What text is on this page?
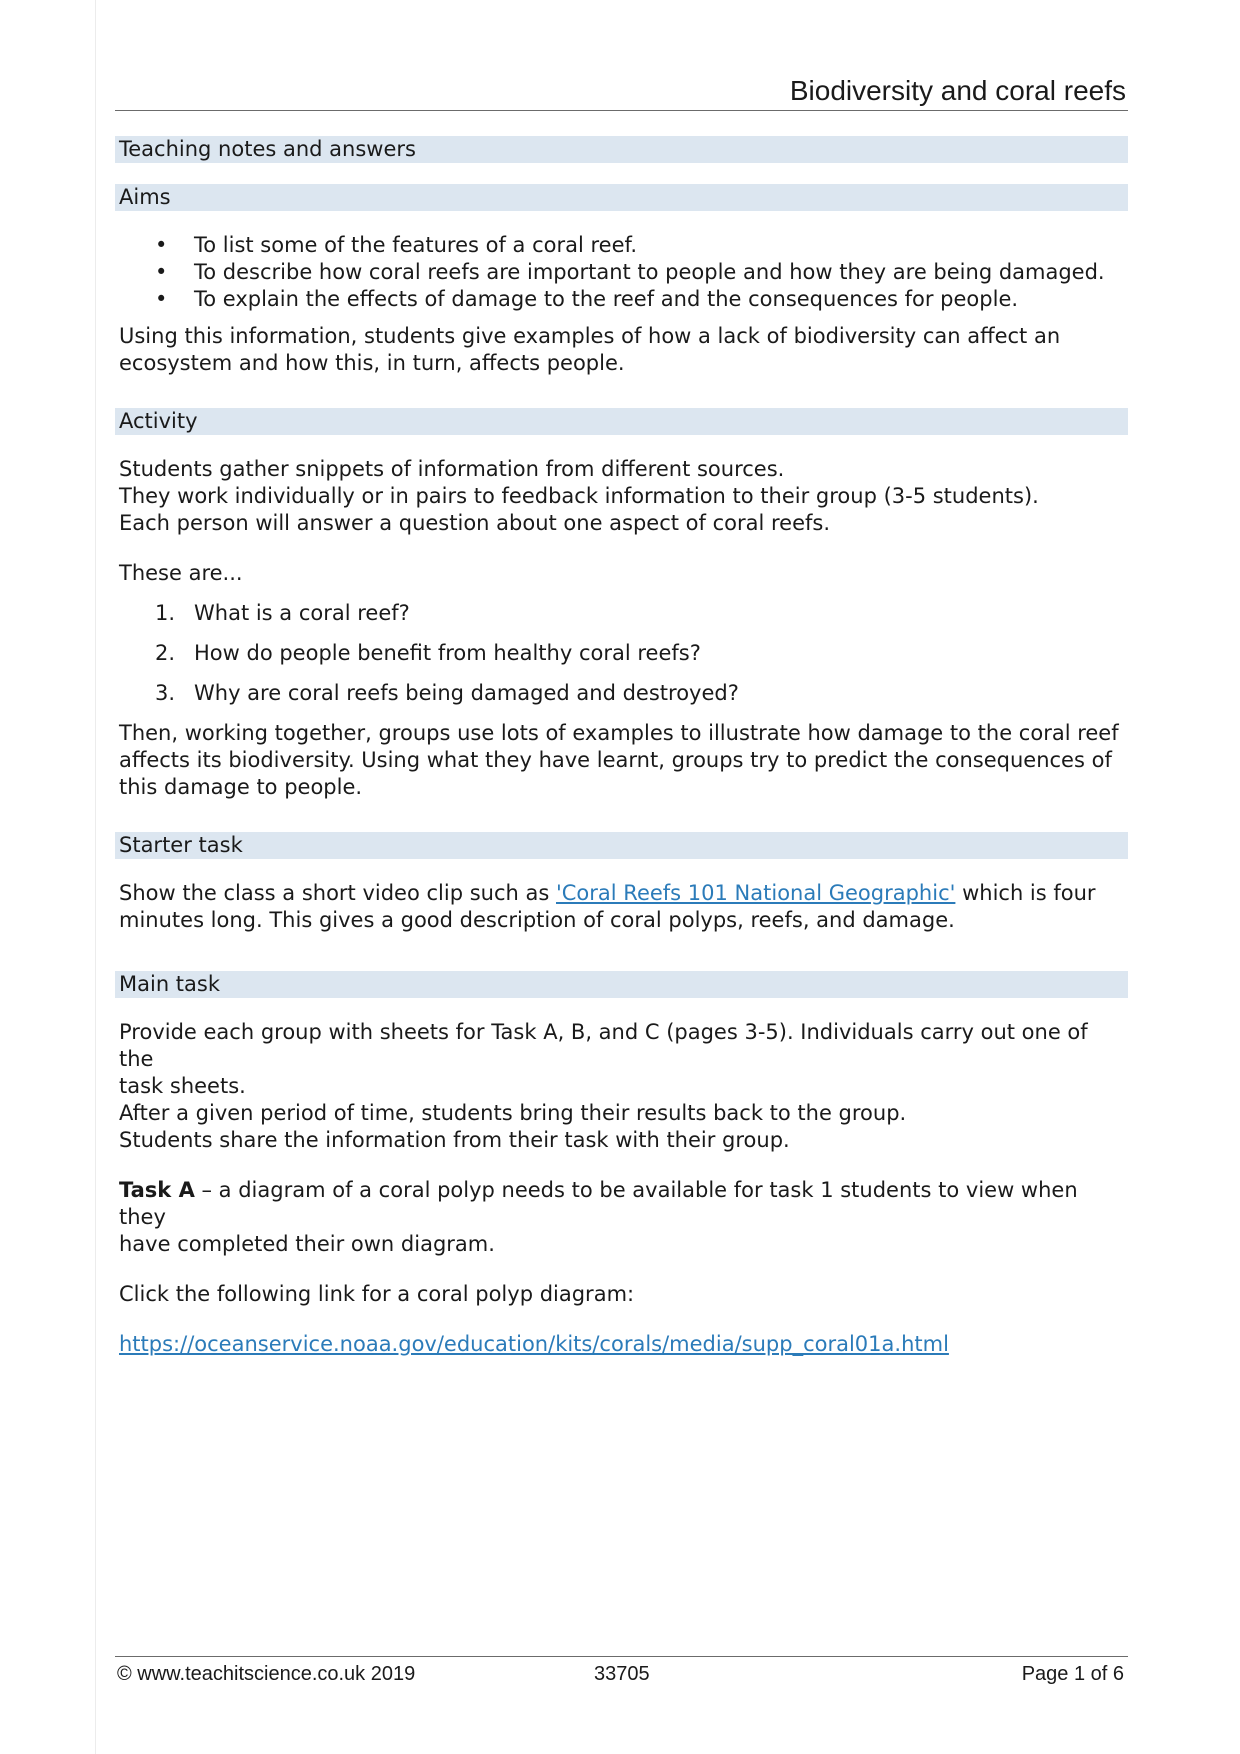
Biodiversity and coral reefs
Teaching notes and answers
Aims
• To list some of the features of a coral reef.
• To describe how coral reefs are important to people and how they are being damaged.
• To explain the effects of damage to the reef and the consequences for people.

Using this information, students give examples of how a lack of biodiversity can affect an

ecosystem and how this, in turn, affects people.

Activity

Students gather snippets of information from different sources.

They work individually or in pairs to feedback information to their group (3-5 students).

Each person will answer a question about one aspect of coral reefs.

These are...

1. What is a coral reef?
2. How do people benefit from healthy coral reefs?
3. Why are coral reefs being damaged and destroyed?

Then, working together, groups use lots of examples to illustrate how damage to the coral reef

affects its biodiversity. Using what they have learnt, groups try to predict the consequences of

this damage to people.

Starter task

Show the class a short video clip such as 'Coral Reefs 101 National Geographic' which is four

minutes long. This gives a good description of coral polyps, reefs, and damage.

Main task

Provide each group with sheets for Task A, B, and C (pages 3-5). Individuals carry out one of the

task sheets.

After a given period of time, students bring their results back to the group.

Students share the information from their task with their group.

Task A – a diagram of a coral polyp needs to be available for task 1 students to view when they

have completed their own diagram.

Click the following link for a coral polyp diagram:

https://oceanservice.noaa.gov/education/kits/corals/media/supp_coral01a.html

© www.teachitscience.co.uk 2019	33705	Page 1 of 6
